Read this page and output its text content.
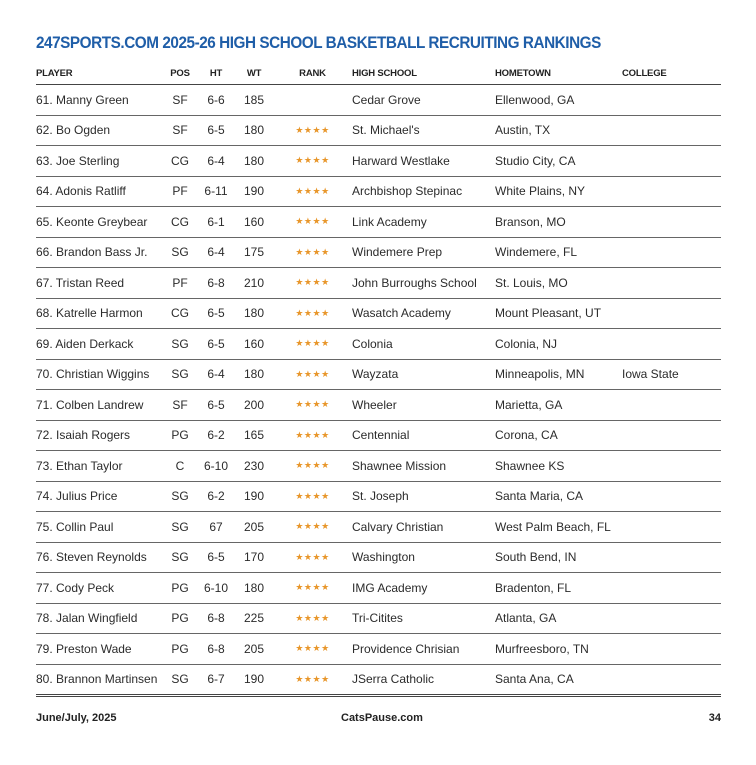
247SPORTS.COM 2025-26 HIGH SCHOOL BASKETBALL RECRUITING RANKINGS
PLAYER	POS	HT	WT	RANK	HIGH SCHOOL	HOMETOWN	COLLEGE
61. Manny Green	SF	6-6	185		Cedar Grove	Ellenwood, GA	
62. Bo Ogden	SF	6-5	180	★★★★	St. Michael's	Austin, TX	
63. Joe Sterling	CG	6-4	180	★★★★	Harward Westlake	Studio City, CA	
64. Adonis Ratliff	PF	6-11	190	★★★★	Archbishop Stepinac	White Plains, NY	
65. Keonte Greybear	CG	6-1	160	★★★★	Link Academy	Branson, MO	
66. Brandon Bass Jr.	SG	6-4	175	★★★★	Windemere Prep	Windemere, FL	
67. Tristan Reed	PF	6-8	210	★★★★	John Burroughs School	St. Louis, MO	
68. Katrelle Harmon	CG	6-5	180	★★★★	Wasatch Academy	Mount Pleasant, UT	
69. Aiden Derkack	SG	6-5	160	★★★★	Colonia	Colonia, NJ	
70. Christian Wiggins	SG	6-4	180	★★★★	Wayzata	Minneapolis, MN	Iowa State
71. Colben Landrew	SF	6-5	200	★★★★	Wheeler	Marietta, GA	
72. Isaiah Rogers	PG	6-2	165	★★★★	Centennial	Corona, CA	
73. Ethan Taylor	C	6-10	230	★★★★	Shawnee Mission	Shawnee KS	
74. Julius Price	SG	6-2	190	★★★★	St. Joseph	Santa Maria, CA	
75. Collin Paul	SG	67	205	★★★★	Calvary Christian	West Palm Beach, FL	
76. Steven Reynolds	SG	6-5	170	★★★★	Washington	South Bend, IN	
77. Cody Peck	PG	6-10	180	★★★★	IMG Academy	Bradenton, FL	
78. Jalan Wingfield	PG	6-8	225	★★★★	Tri-Citites	Atlanta, GA	
79. Preston Wade	PG	6-8	205	★★★★	Providence Chrisian	Murfreesboro, TN	
80. Brannon Martinsen	SG	6-7	190	★★★★	JSerra Catholic	Santa Ana, CA	
June/July, 2025	CatsPause.com	34
